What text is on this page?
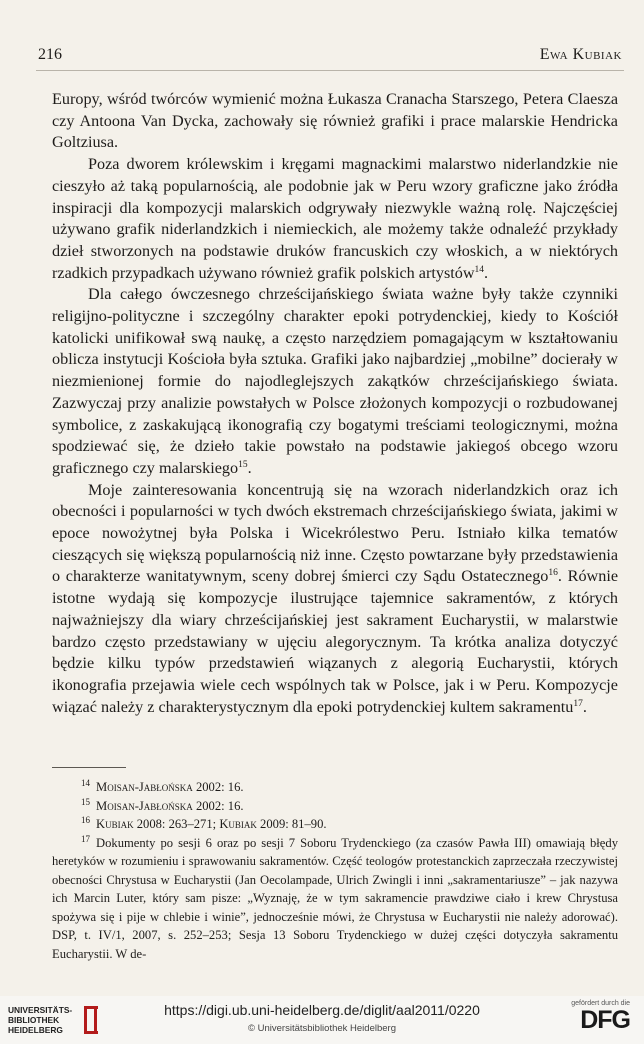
216	Ewa Kubiak

Europy, wśród twórców wymienić można Łukasza Cranacha Starszego, Petera Claesza czy Antoona Van Dycka, zachowały się również grafiki i prace malarskie Hendricka Goltziusa.

Poza dworem królewskim i kręgami magnackimi malarstwo niderlandzkie nie cieszyło aż taką popularnością, ale podobnie jak w Peru wzory graficzne jako źródła inspiracji dla kompozycji malarskich odgrywały niezwykle ważną rolę. Najczęściej używano grafik niderlandzkich i niemieckich, ale możemy także odnaleźć przykłady dzieł stworzonych na podstawie druków francuskich czy włoskich, a w niektórych rzadkich przypadkach używano również grafik polskich artystów$^{14}$.

Dla całego ówczesnego chrześcijańskiego świata ważne były także czynniki religijno-polityczne i szczególny charakter epoki potrydenckiej, kiedy to Kościół katolicki unifikował swą naukę, a często narzędziem pomagającym w kształtowaniu oblicza instytucji Kościoła była sztuka. Grafiki jako najbardziej „mobilne” docierały w niezmienionej formie do najodleglejszych zakątków chrześcijańskiego świata. Zazwyczaj przy analizie powstałych w Polsce złożonych kompozycji o rozbudowanej symbolice, z zaskakującą ikonografią czy bogatymi treściami teologicznymi, można spodziewać się, że dzieło takie powstało na podstawie jakiegoś obcego wzoru graficznego czy malarskiego$^{15}$.

Moje zainteresowania koncentrują się na wzorach niderlandzkich oraz ich obecności i popularności w tych dwóch ekstremach chrześcijańskiego świata, jakimi w epoce nowożytnej była Polska i Wicekrólestwo Peru. Istniało kilka tematów cieszących się większą popularnością niż inne. Często powtarzane były przedstawienia o charakterze wanitatywnym, sceny dobrej śmierci czy Sądu Ostatecznego$^{16}$. Równie istotne wydają się kompozycje ilustrujące tajemnice sakramentów, z których najważniejszy dla wiary chrześcijańskiej jest sakrament Eucharystii, w malarstwie bardzo często przedstawiany w ujęciu alegorycznym. Ta krótka analiza dotyczyć będzie kilku typów przedstawień wiązanych z alegorią Eucharystii, których ikonografia przejawia wiele cech wspólnych tak w Polsce, jak i w Peru. Kompozycje wiązać należy z charakterystycznym dla epoki potrydenckiej kultem sakramentu$^{17}$.

$^{14}$ Moisan-Jabłońska 2002: 16.

$^{15}$ Moisan-Jabłońska 2002: 16.

$^{16}$ Kubiak 2008: 263–271; Kubiak 2009: 81–90.

$^{17}$ Dokumenty po sesji 6 oraz po sesji 7 Soboru Trydenckiego (za czasów Pawła III) omawiają błędy heretyków w rozumieniu i sprawowaniu sakramentów. Część teologów protestanckich zaprzeczała rzeczywistej obecności Chrystusa w Eucharystii (Jan Oecolampade, Ulrich Zwingli i inni „sakramentariusze” – jak nazywa ich Marcin Luter, który sam pisze: „Wyznaję, że w tym sakramencie prawdziwe ciało i krew Chrystusa spożywa się i pije w chlebie i winie”, jednocześnie mówi, że Chrystusa w Eucharystii nie należy adorować). DSP, t. IV/1, 2007, s. 252–253; Sesja 13 Soboru Trydenckiego w dużej części dotyczyła sakramentu Eucharystii. W de-

UNIVERSITÄTS-
BIBLIOTHEK
HEIDELBERG
https://digi.ub.uni-heidelberg.de/diglit/aal2011/0220
© Universitätsbibliothek Heidelberg
gefördert durch die
DFG
